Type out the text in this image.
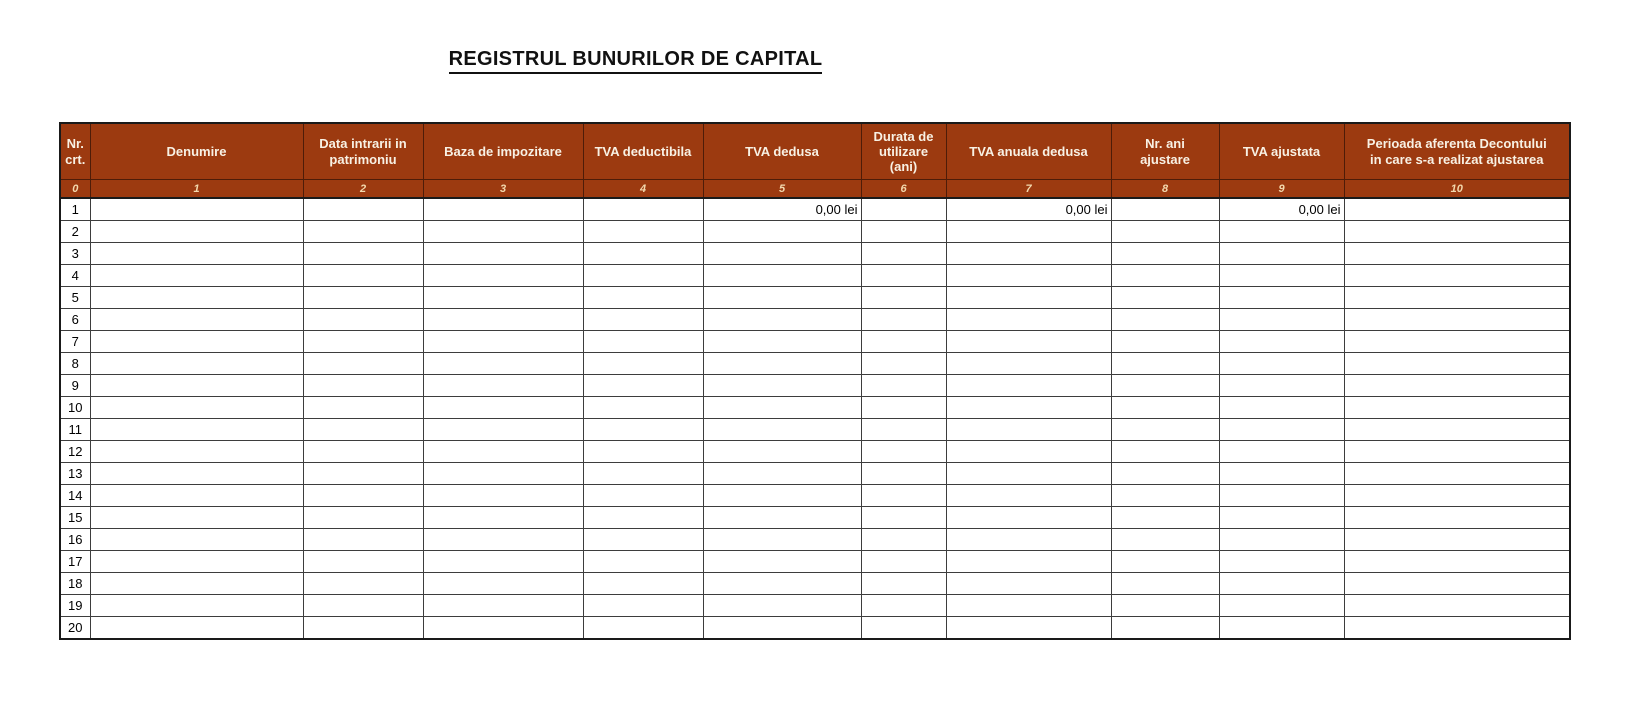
REGISTRUL BUNURILOR DE CAPITAL
Nr. crt.	Denumire	Data intrarii in patrimoniu	Baza de impozitare	TVA deductibila	TVA dedusa	Durata de utilizare (ani)	TVA anuala dedusa	Nr. ani ajustare	TVA ajustata	Perioada aferenta Decontului in care s-a realizat ajustarea
0	1	2	3	4	5	6	7	8	9	10
1					0,00 lei		0,00 lei		0,00 lei	
2										
3										
4										
5										
6										
7										
8										
9										
10										
11										
12										
13										
14										
15										
16										
17										
18										
19										
20										
